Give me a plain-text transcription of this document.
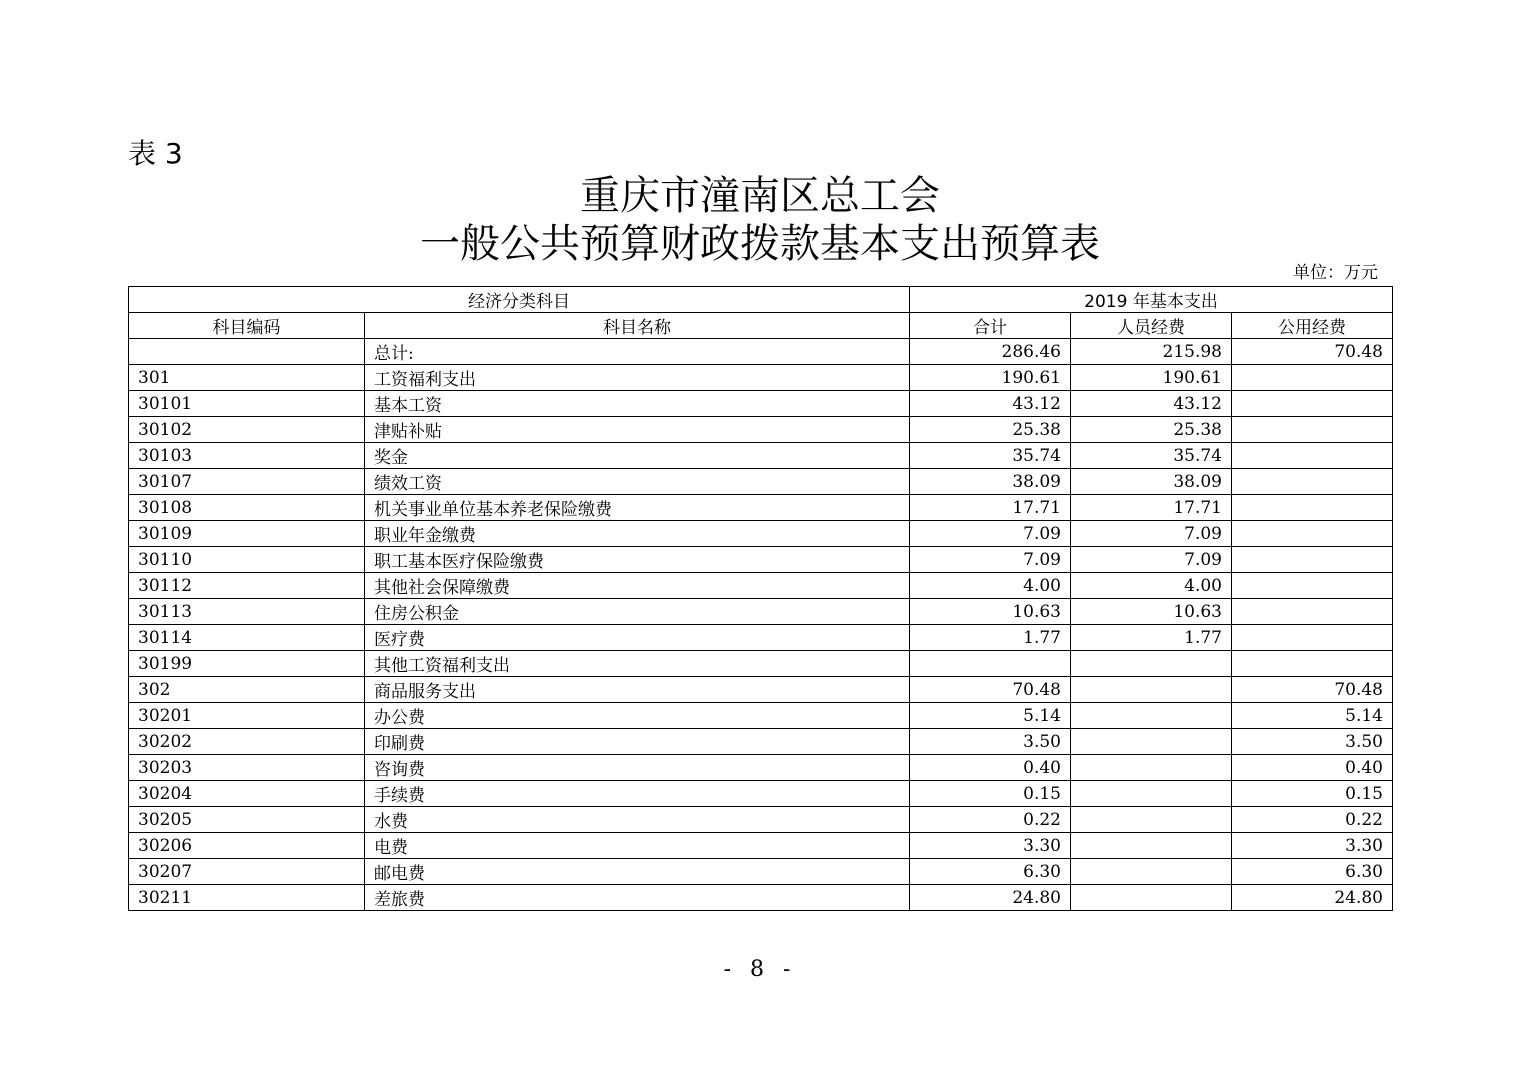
表 3
重庆市潼南区总工会
一般公共预算财政拨款基本支出预算表
单位：万元
经济分类科目		2019 年基本支出		
科目编码	科目名称	合计	人员经费	公用经费
	总计:	286.46	215.98	70.48
301	工资福利支出	190.61	190.61	
30101	基本工资	43.12	43.12	
30102	津贴补贴	25.38	25.38	
30103	奖金	35.74	35.74	
30107	绩效工资	38.09	38.09	
30108	机关事业单位基本养老保险缴费	17.71	17.71	
30109	职业年金缴费	7.09	7.09	
30110	职工基本医疗保险缴费	7.09	7.09	
30112	其他社会保障缴费	4.00	4.00	
30113	住房公积金	10.63	10.63	
30114	医疗费	1.77	1.77	
30199	其他工资福利支出			
302	商品服务支出	70.48		70.48
30201	办公费	5.14		5.14
30202	印刷费	3.50		3.50
30203	咨询费	0.40		0.40
30204	手续费	0.15		0.15
30205	水费	0.22		0.22
30206	电费	3.30		3.30
30207	邮电费	6.30		6.30
30211	差旅费	24.80		24.80
- 8 -
